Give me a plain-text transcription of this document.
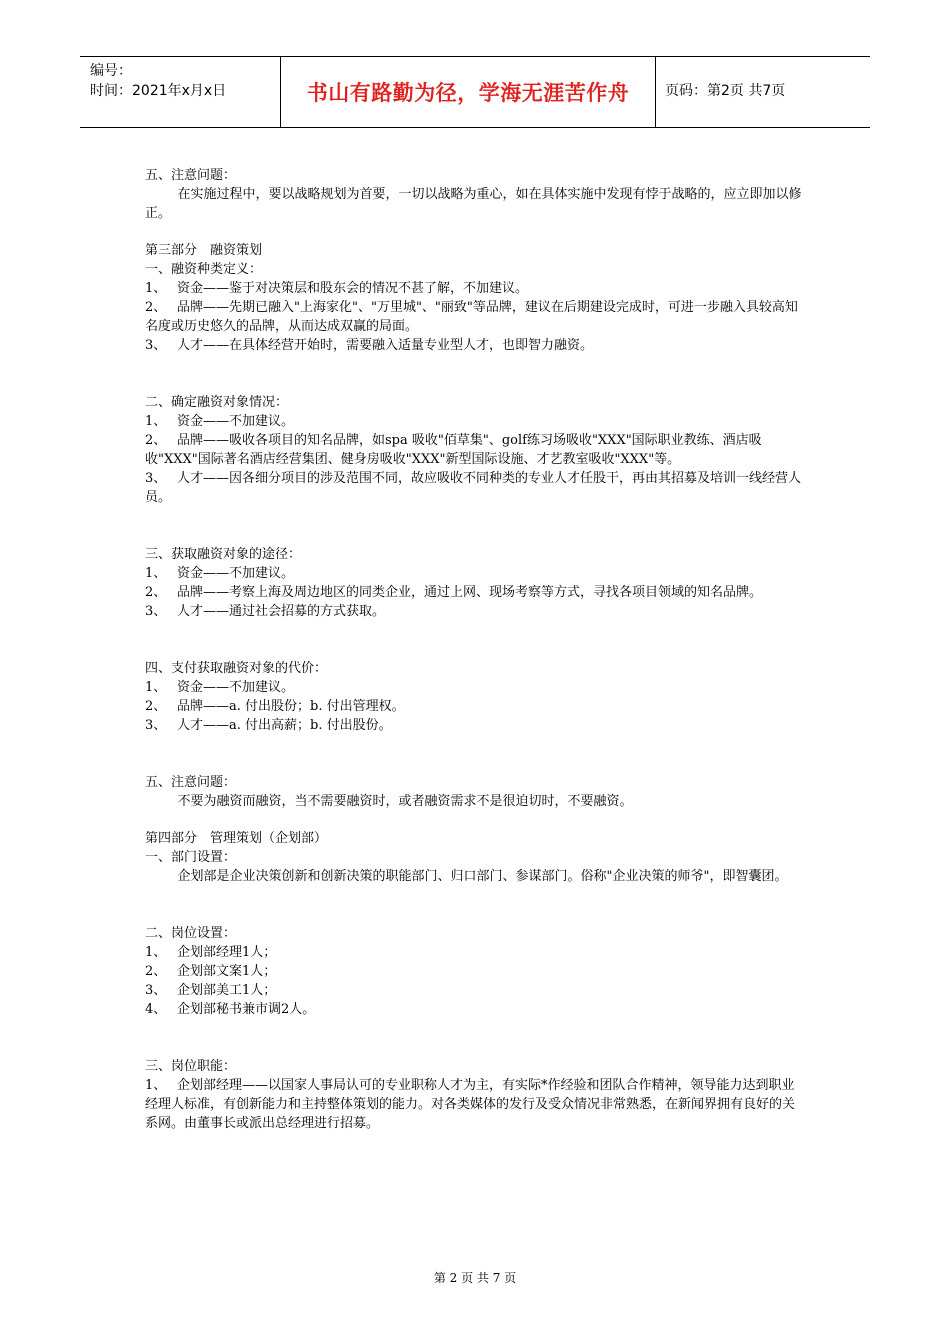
编号：
时间：2021年x月x日	书山有路勤为径，学海无涯苦作舟	页码：第2页 共7页

五、注意问题：

在实施过程中，要以战略规划为首要，一切以战略为重心，如在具体实施中发现有悖于战略的，应立即加以修正。

第三部分　融资策划

一、融资种类定义：

1、 资金——鉴于对决策层和股东会的情况不甚了解，不加建议。

2、 品牌——先期已融入"上海家化"、"万里城"、"丽致"等品牌，建议在后期建设完成时，可进一步融入具较高知名度或历史悠久的品牌，从而达成双赢的局面。

3、 人才——在具体经营开始时，需要融入适量专业型人才，也即智力融资。

二、确定融资对象情况：

1、 资金——不加建议。

2、 品牌——吸收各项目的知名品牌，如spa 吸收"佰草集"、golf练习场吸收"XXX"国际职业教练、酒店吸收"XXX"国际著名酒店经营集团、健身房吸收"XXX"新型国际设施、才艺教室吸收"XXX"等。

3、 人才——因各细分项目的涉及范围不同，故应吸收不同种类的专业人才任股干，再由其招募及培训一线经营人员。

三、获取融资对象的途径：

1、 资金——不加建议。

2、 品牌——考察上海及周边地区的同类企业，通过上网、现场考察等方式，寻找各项目领域的知名品牌。

3、 人才——通过社会招募的方式获取。

四、支付获取融资对象的代价：

1、 资金——不加建议。

2、 品牌——a. 付出股份；b. 付出管理权。

3、 人才——a. 付出高薪；b. 付出股份。

五、注意问题：

不要为融资而融资，当不需要融资时，或者融资需求不是很迫切时，不要融资。

第四部分　管理策划（企划部）

一、部门设置：

企划部是企业决策创新和创新决策的职能部门、归口部门、参谋部门。俗称"企业决策的师爷"，即智囊团。

二、岗位设置：

1、 企划部经理1人；

2、 企划部文案1人；

3、 企划部美工1人；

4、 企划部秘书兼市调2人。

三、岗位职能：

1、 企划部经理——以国家人事局认可的专业职称人才为主，有实际*作经验和团队合作精神，领导能力达到职业经理人标准，有创新能力和主持整体策划的能力。对各类媒体的发行及受众情况非常熟悉，在新闻界拥有良好的关系网。由董事长或派出总经理进行招募。

第 2 页 共 7 页
